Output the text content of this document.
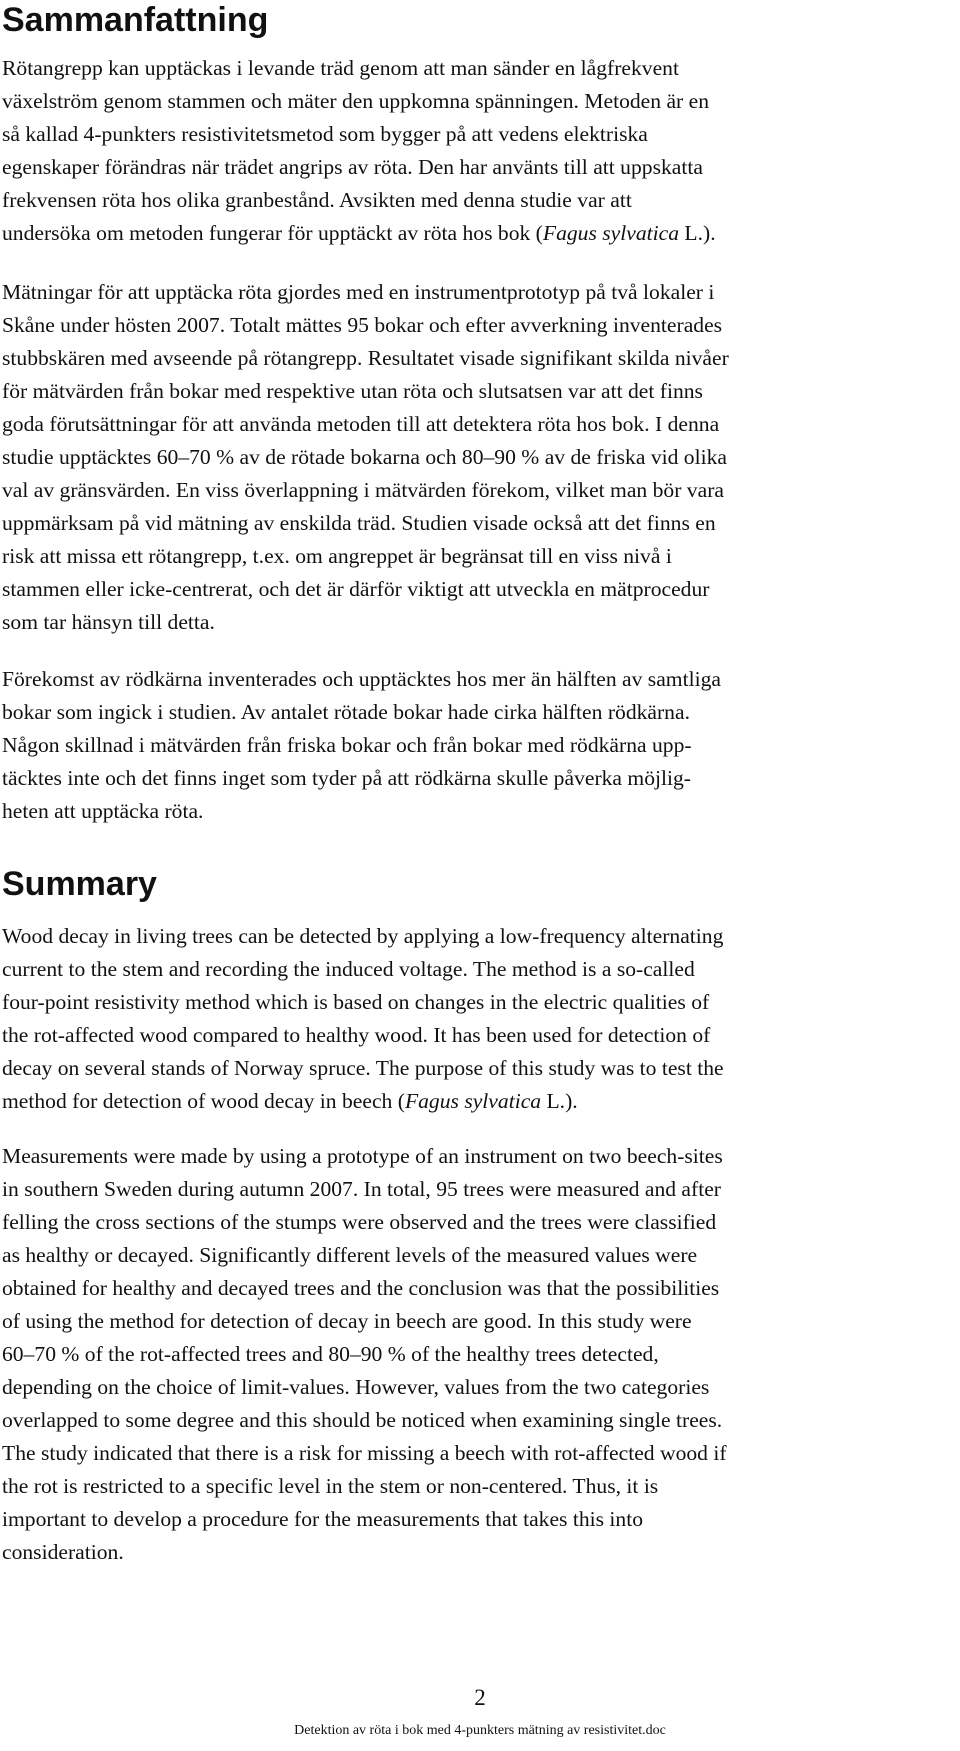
Sammanfattning

Rötangrepp kan upptäckas i levande träd genom att man sänder en lågfrekvent
växelström genom stammen och mäter den uppkomna spänningen. Metoden är en
så kallad 4-punkters resistivitetsmetod som bygger på att vedens elektriska
egenskaper förändras när trädet angrips av röta. Den har använts till att uppskatta
frekvensen röta hos olika granbestånd. Avsikten med denna studie var att
undersöka om metoden fungerar för upptäckt av röta hos bok (Fagus sylvatica L.).

Mätningar för att upptäcka röta gjordes med en instrumentprototyp på två lokaler i
Skåne under hösten 2007. Totalt mättes 95 bokar och efter avverkning inventerades
stubbskären med avseende på rötangrepp. Resultatet visade signifikant skilda nivåer
för mätvärden från bokar med respektive utan röta och slutsatsen var att det finns
goda förutsättningar för att använda metoden till att detektera röta hos bok. I denna
studie upptäcktes 60–70 % av de rötade bokarna och 80–90 % av de friska vid olika
val av gränsvärden. En viss överlappning i mätvärden förekom, vilket man bör vara
uppmärksam på vid mätning av enskilda träd. Studien visade också att det finns en
risk att missa ett rötangrepp, t.ex. om angreppet är begränsat till en viss nivå i
stammen eller icke-centrerat, och det är därför viktigt att utveckla en mätprocedur
som tar hänsyn till detta.

Förekomst av rödkärna inventerades och upptäcktes hos mer än hälften av samtliga
bokar som ingick i studien. Av antalet rötade bokar hade cirka hälften rödkärna.
Någon skillnad i mätvärden från friska bokar och från bokar med rödkärna upp-
täcktes inte och det finns inget som tyder på att rödkärna skulle påverka möjlig-
heten att upptäcka röta.

Summary

Wood decay in living trees can be detected by applying a low-frequency alternating
current to the stem and recording the induced voltage. The method is a so-called
four-point resistivity method which is based on changes in the electric qualities of
the rot-affected wood compared to healthy wood. It has been used for detection of
decay on several stands of Norway spruce. The purpose of this study was to test the
method for detection of wood decay in beech (Fagus sylvatica L.).

Measurements were made by using a prototype of an instrument on two beech-sites
in southern Sweden during autumn 2007. In total, 95 trees were measured and after
felling the cross sections of the stumps were observed and the trees were classified
as healthy or decayed. Significantly different levels of the measured values were
obtained for healthy and decayed trees and the conclusion was that the possibilities
of using the method for detection of decay in beech are good. In this study were
60–70 % of the rot-affected trees and 80–90 % of the healthy trees detected,
depending on the choice of limit-values. However, values from the two categories
overlapped to some degree and this should be noticed when examining single trees.
The study indicated that there is a risk for missing a beech with rot-affected wood if
the rot is restricted to a specific level in the stem or non-centered. Thus, it is
important to develop a procedure for the measurements that takes this into
consideration.

2
Detektion av röta i bok med 4-punkters mätning av resistivitet.doc
